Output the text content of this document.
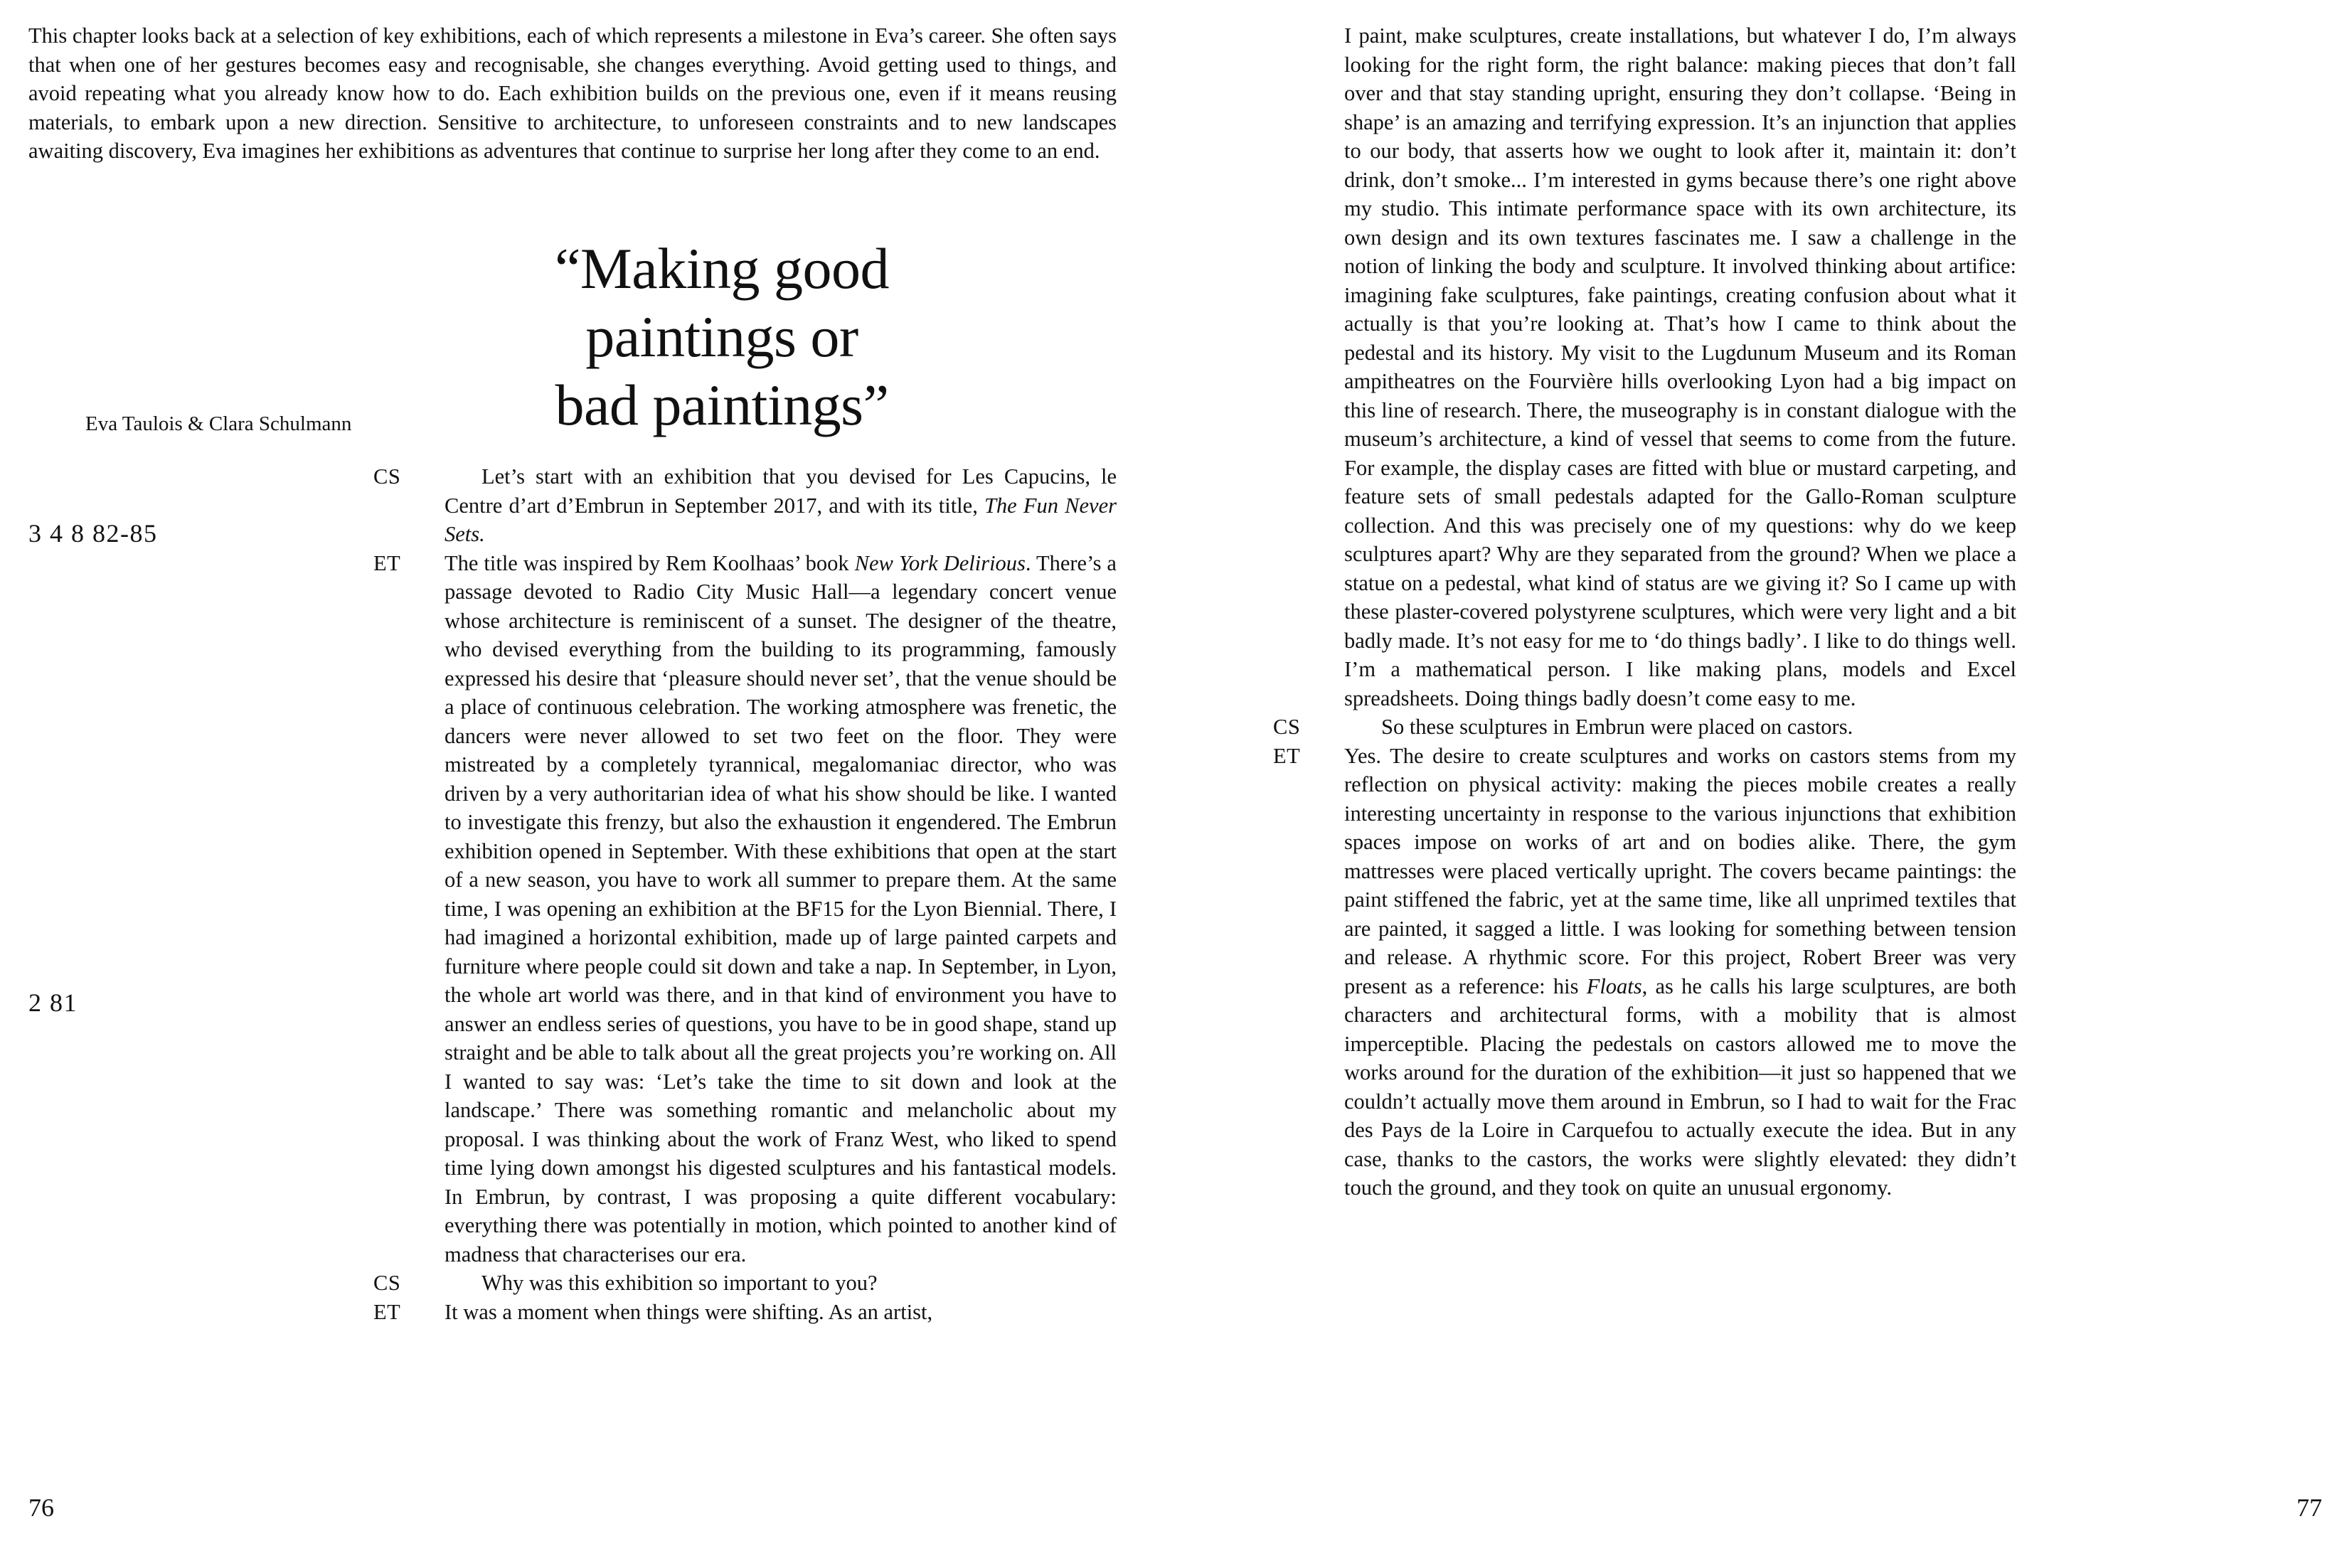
This chapter looks back at a selection of key exhibitions, each of which represents a milestone in Eva’s career. She often says that when one of her gestures becomes easy and recognisable, she changes everything. Avoid getting used to things, and avoid repeating what you already know how to do. Each exhibition builds on the previous one, even if it means reusing materials, to embark upon a new direction. Sensitive to architecture, to unforeseen constraints and to new landscapes awaiting discovery, Eva imagines her exhibitions as adventures that continue to surprise her long after they come to an end.
“Making good
paintings or
bad paintings”
Eva Taulois & Clara Schulmann
3 4 8 82-85
2 81
76
CS	Let’s start with an exhibition that you devised for Les Capucins, le Centre d’art d’Embrun in September 2017, and with its title, The Fun Never Sets.
ET The title was inspired by Rem Koolhaas’ book New York Delirious. There’s a passage devoted to Radio City Music Hall—a legendary concert venue whose architecture is reminiscent of a sunset. The designer of the theatre, who devised everything from the building to its programming, famously expressed his desire that ‘pleasure should never set’, that the venue should be a place of continuous celebration. The working atmosphere was frenetic, the dancers were never allowed to set two feet on the floor. They were mistreated by a completely tyrannical, megalomaniac director, who was driven by a very authoritarian idea of what his show should be like. I wanted to investigate this frenzy, but also the exhaustion it engendered. The Embrun exhibition opened in September. With these exhibitions that open at the start of a new season, you have to work all summer to prepare them. At the same time, I was opening an exhibition at the BF15 for the Lyon Biennial. There, I had imagined a horizontal exhibition, made up of large painted carpets and furniture where people could sit down and take a nap. In September, in Lyon, the whole art world was there, and in that kind of environment you have to answer an endless series of questions, you have to be in good shape, stand up straight and be able to talk about all the great projects you’re working on. All I wanted to say was: ‘Let’s take the time to sit down and look at the landscape.’ There was something romantic and melancholic about my proposal. I was thinking about the work of Franz West, who liked to spend time lying down amongst his digested sculptures and his fantastical models. In Embrun, by contrast, I was proposing a quite different vocabulary: everything there was potentially in motion, which pointed to another kind of madness that characterises our era.
CS	Why was this exhibition so important to you?
ET It was a moment when things were shifting. As an artist,
I paint, make sculptures, create installations, but whatever I do, I’m always looking for the right form, the right balance: making pieces that don’t fall over and that stay standing upright, ensuring they don’t collapse. ‘Being in shape’ is an amazing and terrifying expression. It’s an injunction that applies to our body, that asserts how we ought to look after it, maintain it: don’t drink, don’t smoke... I’m interested in gyms because there’s one right above my studio. This intimate performance space with its own architecture, its own design and its own textures fascinates me. I saw a challenge in the notion of linking the body and sculpture. It involved thinking about artifice: imagining fake sculptures, fake paintings, creating confusion about what it actually is that you’re looking at. That’s how I came to think about the pedestal and its history. My visit to the Lugdunum Museum and its Roman ampitheatres on the Fourvière hills overlooking Lyon had a big impact on this line of research. There, the museography is in constant dialogue with the museum’s architecture, a kind of vessel that seems to come from the future. For example, the display cases are fitted with blue or mustard carpeting, and feature sets of small pedestals adapted for the Gallo-Roman sculpture collection. And this was precisely one of my questions: why do we keep sculptures apart? Why are they separated from the ground? When we place a statue on a pedestal, what kind of status are we giving it? So I came up with these plaster-covered polystyrene sculptures, which were very light and a bit badly made. It’s not easy for me to ‘do things badly’. I like to do things well. I’m a mathematical person. I like making plans, models and Excel spreadsheets. Doing things badly doesn’t come easy to me.
CS	So these sculptures in Embrun were placed on castors.
ET Yes. The desire to create sculptures and works on castors stems from my reflection on physical activity: making the pieces mobile creates a really interesting uncertainty in response to the various injunctions that exhibition spaces impose on works of art and on bodies alike. There, the gym mattresses were placed vertically upright. The covers became paintings: the paint stiffened the fabric, yet at the same time, like all unprimed textiles that are painted, it sagged a little. I was looking for something between tension and release. A rhythmic score. For this project, Robert Breer was very present as a reference: his Floats, as he calls his large sculptures, are both characters and architectural forms, with a mobility that is almost imperceptible. Placing the pedestals on castors allowed me to move the works around for the duration of the exhibition—it just so happened that we couldn’t actually move them around in Embrun, so I had to wait for the Frac des Pays de la Loire in Carquefou to actually execute the idea. But in any case, thanks to the castors, the works were slightly elevated: they didn’t touch the ground, and they took on quite an unusual ergonomy.
77
